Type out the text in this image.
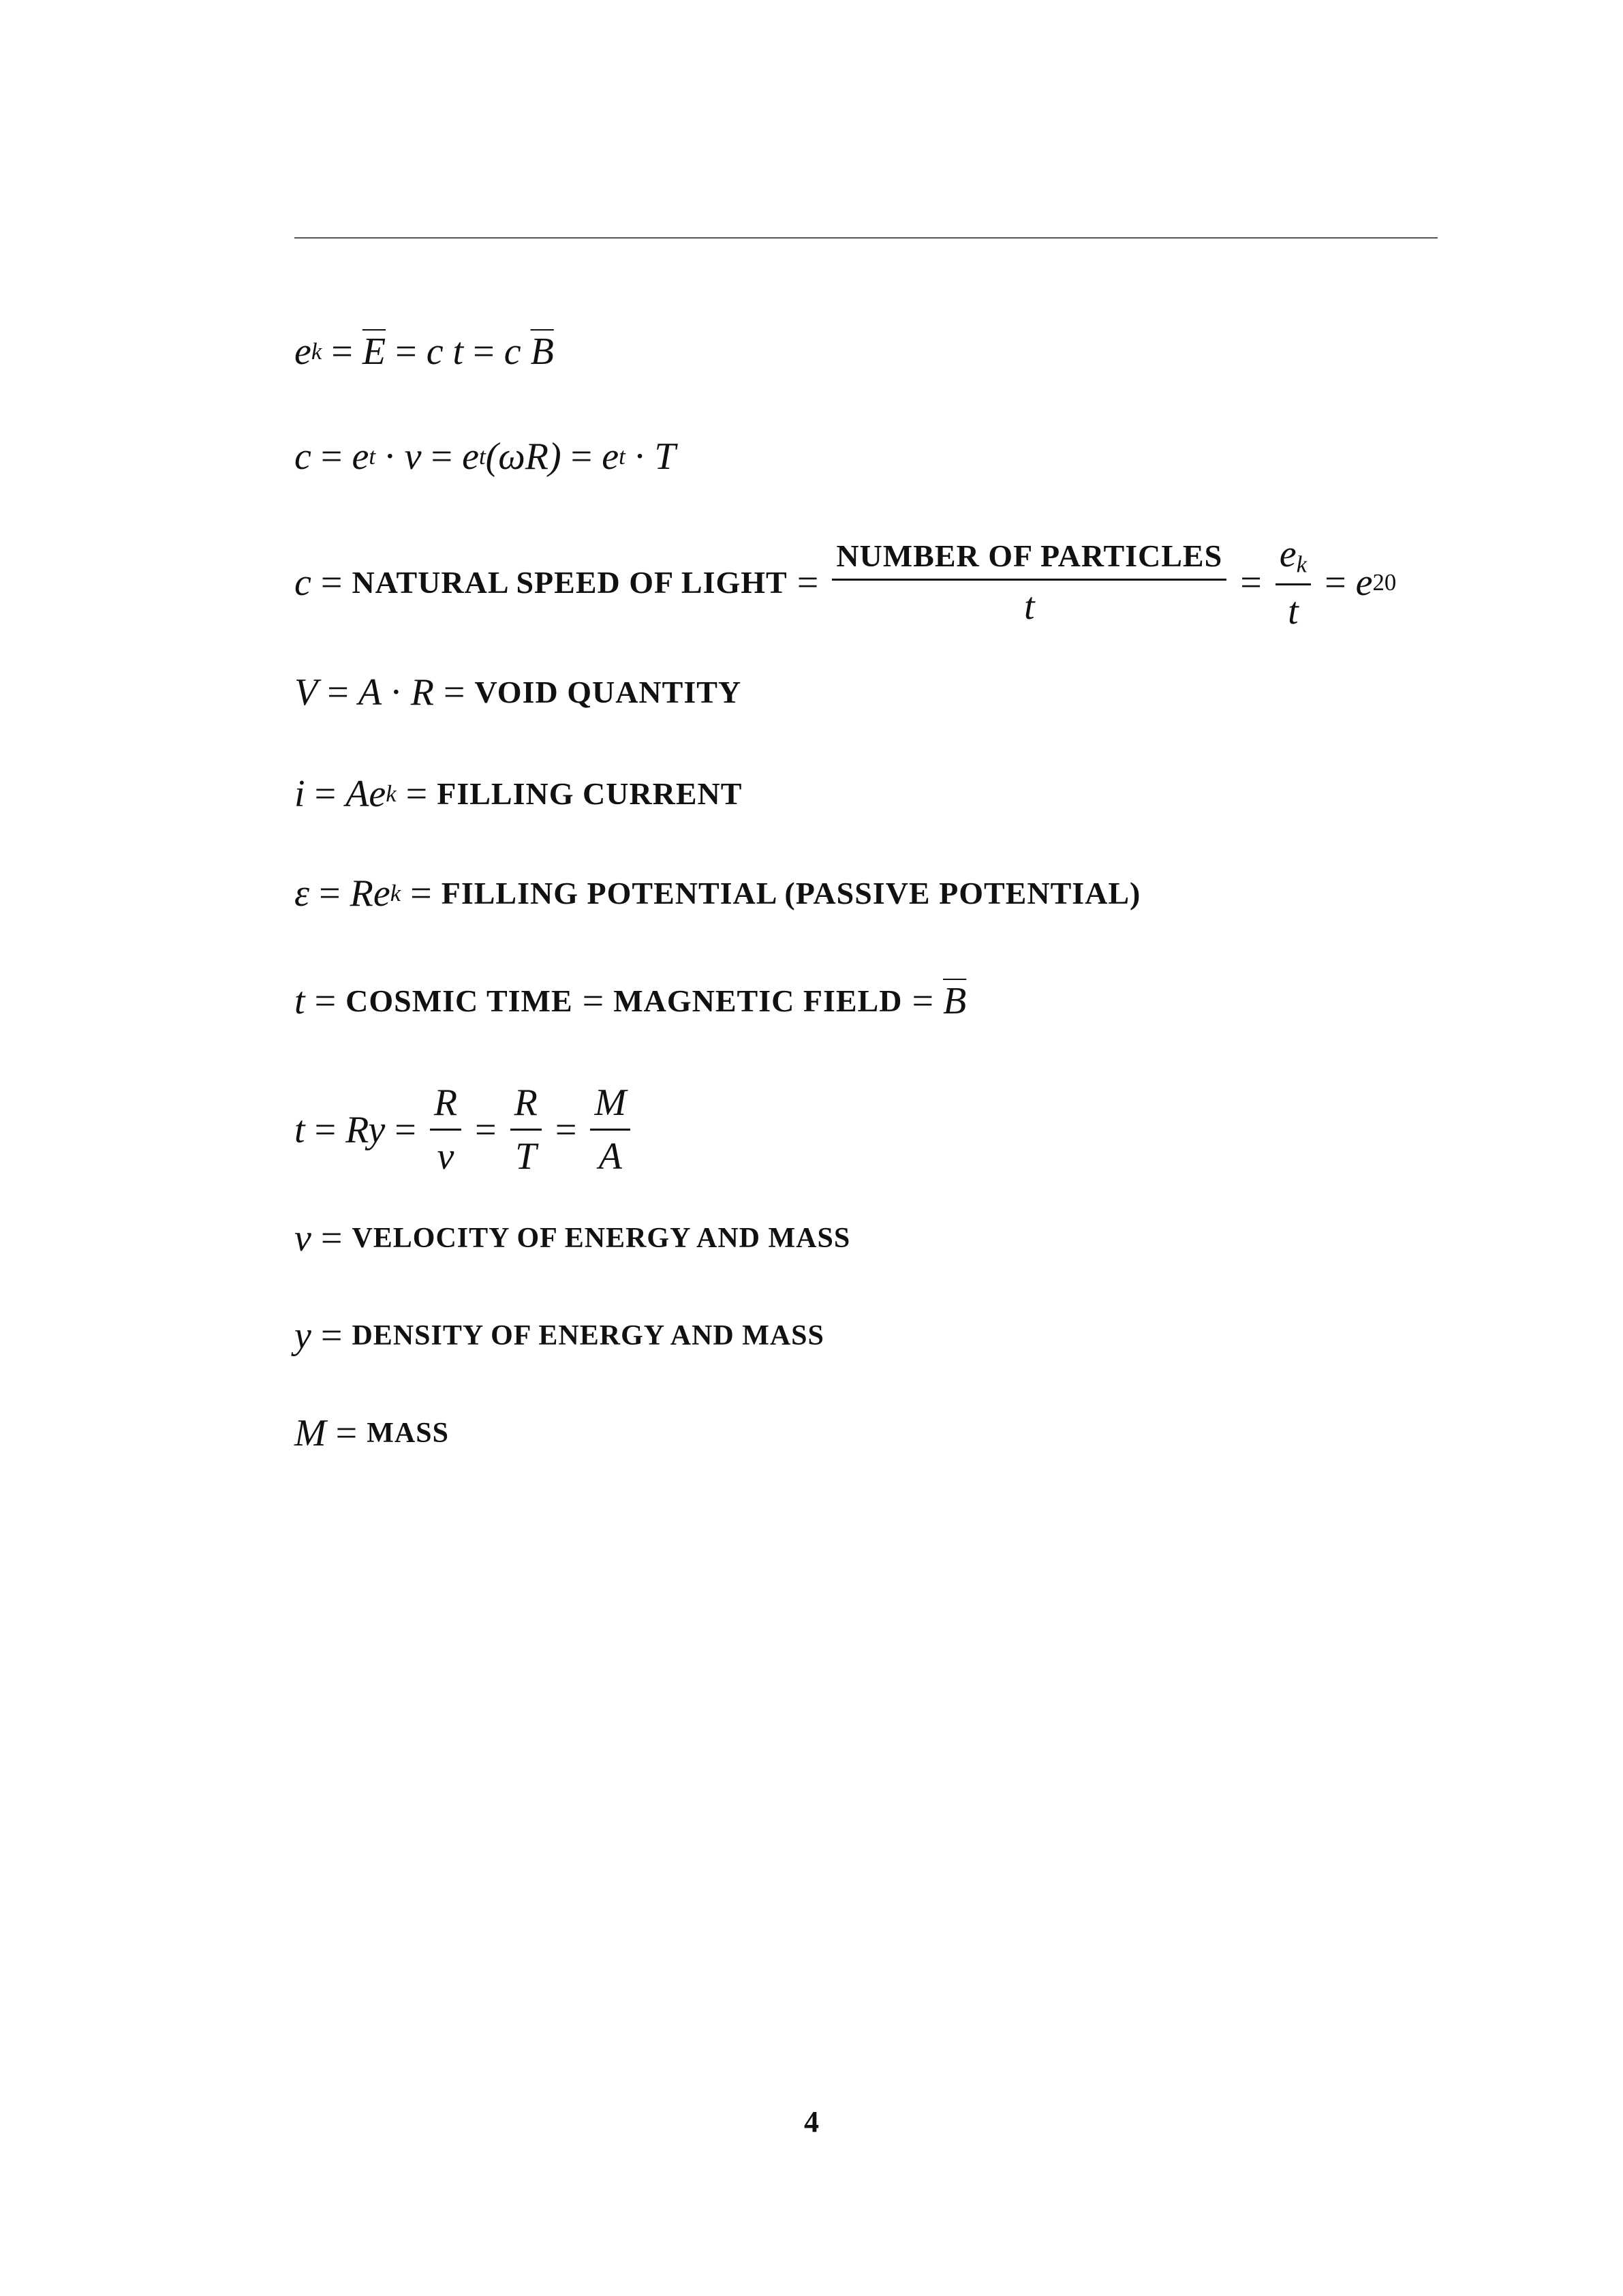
e $k = \overline{E} = c$
t = c
$\overline{B}$
c = e t · v = e t (ωR) = e t · T
c = NATURAL SPEED OF LIGHT = $\frac{\text{NUMBER OF PARTICLES}}{t} = \frac{e_k}{t} = e$ 20
V = A · R = VOID QUANTITY
i = Ae k = FILLING CURRENT
ε = Re k = FILLING POTENTIAL (PASSIVE POTENTIAL)
t = COSMIC TIME = MAGNETIC FIELD = $\overline{B}$
$t = Ry = \frac{R}{v} = \frac{R}{T} = \frac{M}{A}$
v = VELOCITY OF ENERGY AND MASS
y = DENSITY OF ENERGY AND MASS
M = MASS
4
